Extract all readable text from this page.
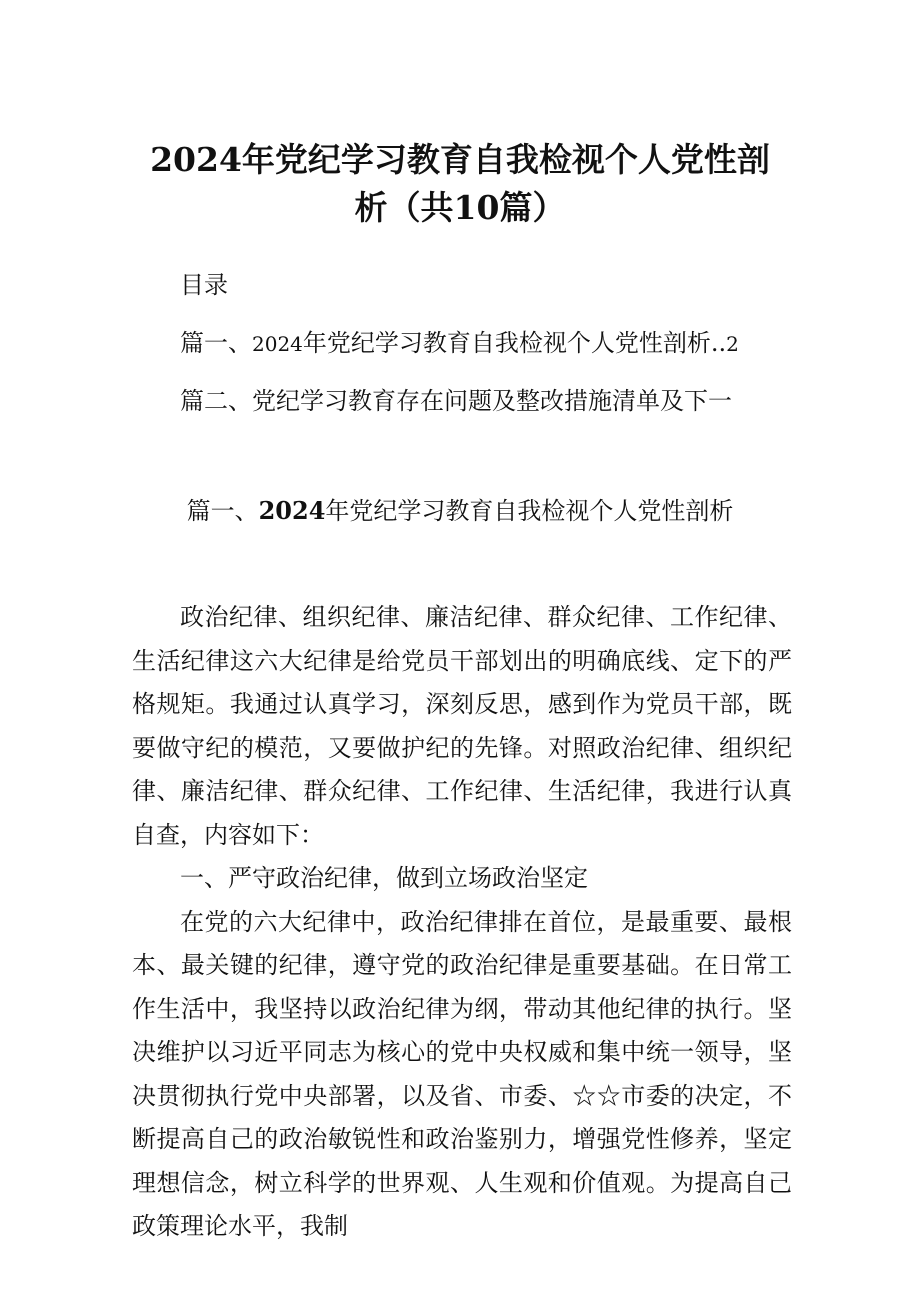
2024年党纪学习教育自我检视个人党性剖
析（共10篇）
目录
篇一、2024年党纪学习教育自我检视个人党性剖析..2
篇二、党纪学习教育存在问题及整改措施清单及下一
篇一、2024年党纪学习教育自我检视个人党性剖析

政治纪律、组织纪律、廉洁纪律、群众纪律、工作纪律、生活纪律这六大纪律是给党员干部划出的明确底线、定下的严格规矩。我通过认真学习，深刻反思，感到作为党员干部，既要做守纪的模范，又要做护纪的先锋。对照政治纪律、组织纪律、廉洁纪律、群众纪律、工作纪律、生活纪律，我进行认真自查，内容如下：

一、严守政治纪律，做到立场政治坚定

在党的六大纪律中，政治纪律排在首位，是最重要、最根本、最关键的纪律，遵守党的政治纪律是重要基础。在日常工作生活中，我坚持以政治纪律为纲，带动其他纪律的执行。坚决维护以习近平同志为核心的党中央权威和集中统一领导，坚决贯彻执行党中央部署，以及省、市委、☆☆市委的决定，不断提高自己的政治敏锐性和政治鉴别力，增强党性修养，坚定理想信念，树立科学的世界观、人生观和价值观。为提高自己政策理论水平，我制
